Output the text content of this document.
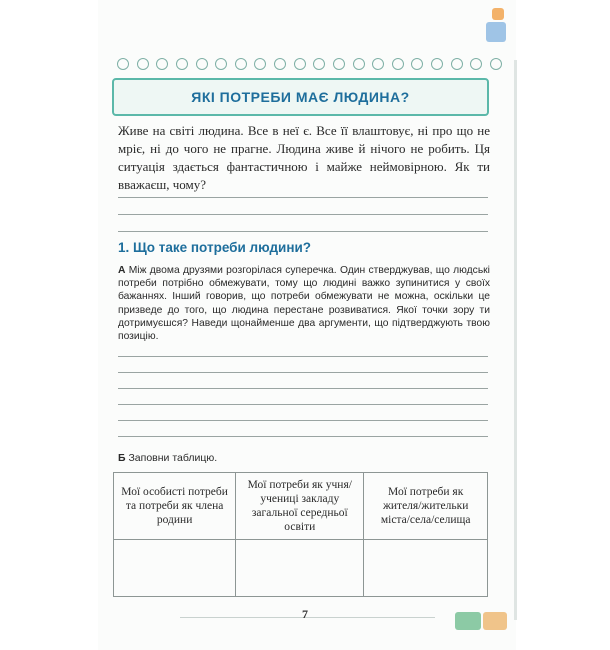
ЯКІ ПОТРЕБИ МАЄ ЛЮДИНА?
Живе на світі людина. Все в неї є. Все її влаштовує, ні про що не мріє, ні до чого не прагне. Людина живе й нічого не робить. Ця ситуація здається фантастичною і майже неймовірною. Як ти вважаєш, чому?
1. Що таке потреби людини?
А Між двома друзями розгорілася суперечка. Один стверджував, що людські потреби потрібно обмежувати, тому що людині важко зупинитися у своїх бажаннях. Інший говорив, що потреби обмежувати не можна, оскільки це призведе до того, що людина перестане розвиватися. Якої точки зору ти дотримуєшся? Наведи щонайменше два аргументи, що підтверджують твою позицію.
Б Заповни таблицю.
Мої особисті потреби та потреби як члена родини	Мої потреби як учня/учениці закладу загальної середньої освіти	Мої потреби як жителя/жительки міста/села/селища

7
